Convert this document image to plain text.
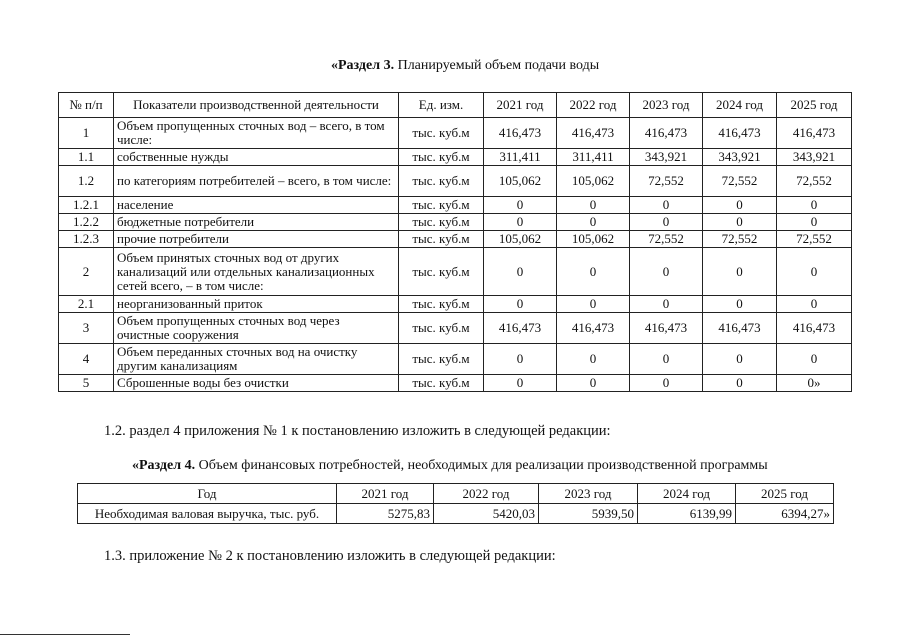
«Раздел 3. Планируемый объем подачи воды
№ п/п	Показатели производственной деятельности	Ед. изм.	2021 год	2022 год	2023 год	2024 год	2025 год
1	Объем пропущенных сточных вод – всего, в том числе:	тыс. куб.м	416,473	416,473	416,473	416,473	416,473
1.1	собственные нужды	тыс. куб.м	311,411	311,411	343,921	343,921	343,921
1.2	по категориям потребителей – всего, в том числе:	тыс. куб.м	105,062	105,062	72,552	72,552	72,552
1.2.1	население	тыс. куб.м	0	0	0	0	0
1.2.2	бюджетные потребители	тыс. куб.м	0	0	0	0	0
1.2.3	прочие потребители	тыс. куб.м	105,062	105,062	72,552	72,552	72,552
2	Объем принятых сточных вод от других канализаций или отдельных канализационных сетей всего, – в том числе:	тыс. куб.м	0	0	0	0	0
2.1	неорганизованный приток	тыс. куб.м	0	0	0	0	0
3	Объем пропущенных сточных вод через очистные сооружения	тыс. куб.м	416,473	416,473	416,473	416,473	416,473
4	Объем переданных сточных вод на очистку другим канализациям	тыс. куб.м	0	0	0	0	0
5	Сброшенные воды без очистки	тыс. куб.м	0	0	0	0	0»
1.2. раздел 4 приложения № 1 к постановлению изложить в следующей редакции:
«Раздел 4. Объем финансовых потребностей, необходимых для реализации производственной программы
Год	2021 год	2022 год	2023 год	2024 год	2025 год
Необходимая валовая выручка, тыс. руб.	5275,83	5420,03	5939,50	6139,99	6394,27»
1.3. приложение № 2 к постановлению изложить в следующей редакции:
